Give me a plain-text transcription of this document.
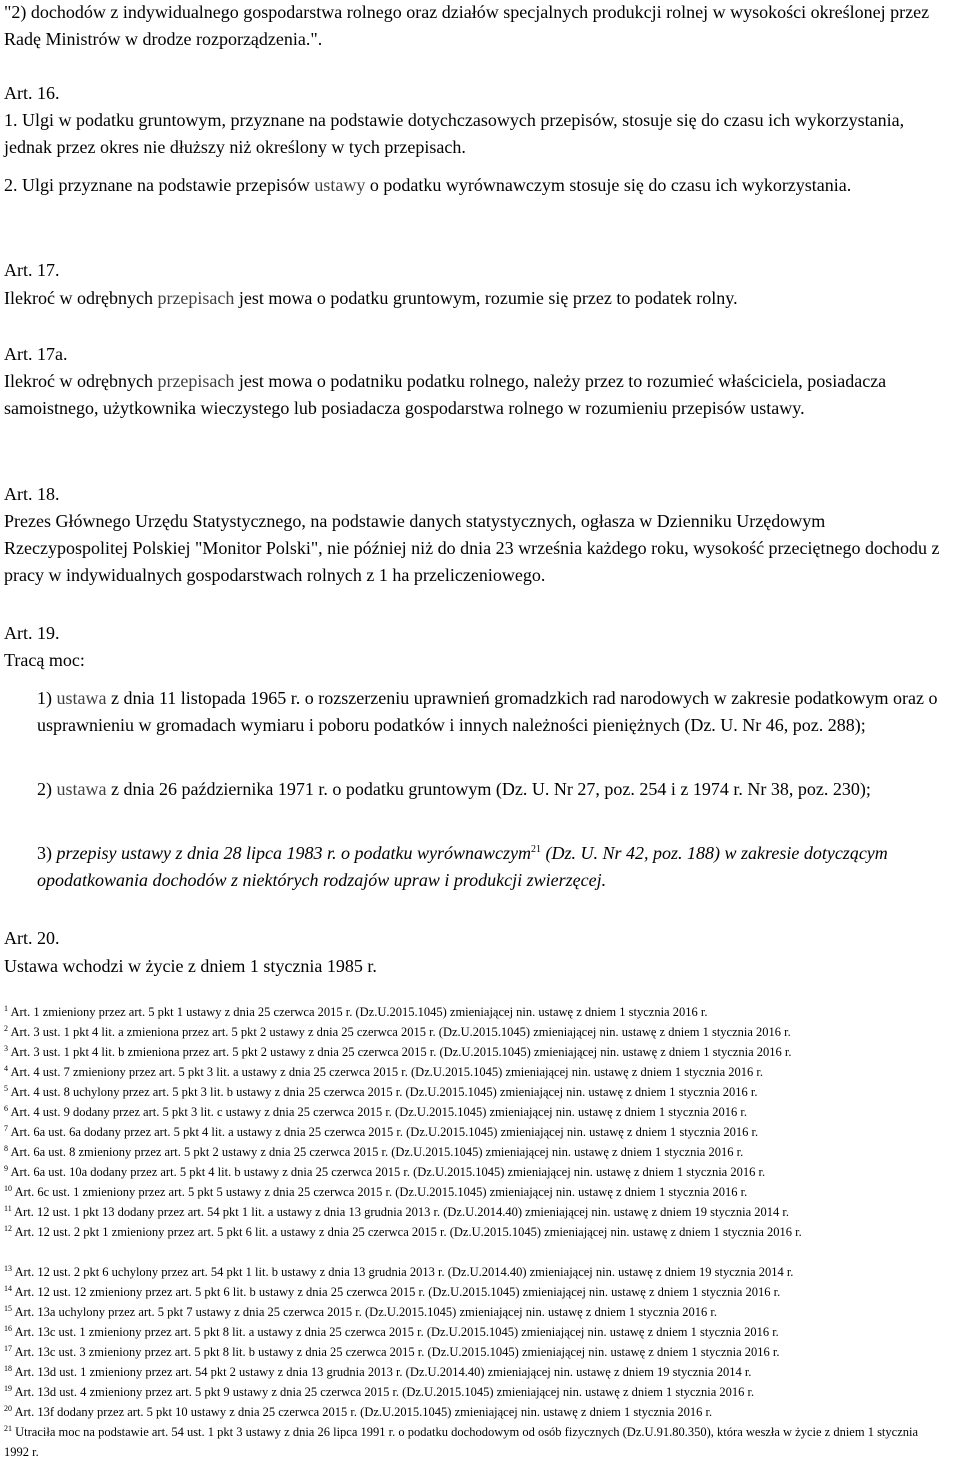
"2) dochodów z indywidualnego gospodarstwa rolnego oraz działów specjalnych produkcji rolnej w wysokości określonej przez Radę Ministrów w drodze rozporządzenia.".

Art. 16.

1. Ulgi w podatku gruntowym, przyznane na podstawie dotychczasowych przepisów, stosuje się do czasu ich wykorzystania, jednak przez okres nie dłuższy niż określony w tych przepisach.

2. Ulgi przyznane na podstawie przepisów ustawy o podatku wyrównawczym stosuje się do czasu ich wykorzystania.

Art. 17.

Ilekroć w odrębnych przepisach jest mowa o podatku gruntowym, rozumie się przez to podatek rolny.

Art. 17a.

Ilekroć w odrębnych przepisach jest mowa o podatniku podatku rolnego, należy przez to rozumieć właściciela, posiadacza samoistnego, użytkownika wieczystego lub posiadacza gospodarstwa rolnego w rozumieniu przepisów ustawy.

Art. 18.

Prezes Głównego Urzędu Statystycznego, na podstawie danych statystycznych, ogłasza w Dzienniku Urzędowym Rzeczypospolitej Polskiej "Monitor Polski", nie później niż do dnia 23 września każdego roku, wysokość przeciętnego dochodu z pracy w indywidualnych gospodarstwach rolnych z 1 ha przeliczeniowego.

Art. 19.

Tracą moc:

1) ustawa z dnia 11 listopada 1965 r. o rozszerzeniu uprawnień gromadzkich rad narodowych w zakresie podatkowym oraz o usprawnieniu w gromadach wymiaru i poboru podatków i innych należności pieniężnych (Dz. U. Nr 46, poz. 288);

2) ustawa z dnia 26 października 1971 r. o podatku gruntowym (Dz. U. Nr 27, poz. 254 i z 1974 r. Nr 38, poz. 230);

3) przepisy ustawy z dnia 28 lipca 1983 r. o podatku wyrównawczym$^{21}$ (Dz. U. Nr 42, poz. 188) w zakresie dotyczącym opodatkowania dochodów z niektórych rodzajów upraw i produkcji zwierzęcej.

Art. 20.

Ustawa wchodzi w życie z dniem 1 stycznia 1985 r.

$^1$ Art. 1 zmieniony przez art. 5 pkt 1 ustawy z dnia 25 czerwca 2015 r. (Dz.U.2015.1045) zmieniającej nin. ustawę z dniem 1 stycznia 2016 r.

$^2$ Art. 3 ust. 1 pkt 4 lit. a zmieniona przez art. 5 pkt 2 ustawy z dnia 25 czerwca 2015 r. (Dz.U.2015.1045) zmieniającej nin. ustawę z dniem 1 stycznia 2016 r.

$^3$ Art. 3 ust. 1 pkt 4 lit. b zmieniona przez art. 5 pkt 2 ustawy z dnia 25 czerwca 2015 r. (Dz.U.2015.1045) zmieniającej nin. ustawę z dniem 1 stycznia 2016 r.

$^4$ Art. 4 ust. 7 zmieniony przez art. 5 pkt 3 lit. a ustawy z dnia 25 czerwca 2015 r. (Dz.U.2015.1045) zmieniającej nin. ustawę z dniem 1 stycznia 2016 r.

$^5$ Art. 4 ust. 8 uchylony przez art. 5 pkt 3 lit. b ustawy z dnia 25 czerwca 2015 r. (Dz.U.2015.1045) zmieniającej nin. ustawę z dniem 1 stycznia 2016 r.

$^6$ Art. 4 ust. 9 dodany przez art. 5 pkt 3 lit. c ustawy z dnia 25 czerwca 2015 r. (Dz.U.2015.1045) zmieniającej nin. ustawę z dniem 1 stycznia 2016 r.

$^7$ Art. 6a ust. 6a dodany przez art. 5 pkt 4 lit. a ustawy z dnia 25 czerwca 2015 r. (Dz.U.2015.1045) zmieniającej nin. ustawę z dniem 1 stycznia 2016 r.

$^8$ Art. 6a ust. 8 zmieniony przez art. 5 pkt 2 ustawy z dnia 25 czerwca 2015 r. (Dz.U.2015.1045) zmieniającej nin. ustawę z dniem 1 stycznia 2016 r.

$^9$ Art. 6a ust. 10a dodany przez art. 5 pkt 4 lit. b ustawy z dnia 25 czerwca 2015 r. (Dz.U.2015.1045) zmieniającej nin. ustawę z dniem 1 stycznia 2016 r.

$^{10}$ Art. 6c ust. 1 zmieniony przez art. 5 pkt 5 ustawy z dnia 25 czerwca 2015 r. (Dz.U.2015.1045) zmieniającej nin. ustawę z dniem 1 stycznia 2016 r.

$^{11}$ Art. 12 ust. 1 pkt 13 dodany przez art. 54 pkt 1 lit. a ustawy z dnia 13 grudnia 2013 r. (Dz.U.2014.40) zmieniającej nin. ustawę z dniem 19 stycznia 2014 r.

$^{12}$ Art. 12 ust. 2 pkt 1 zmieniony przez art. 5 pkt 6 lit. a ustawy z dnia 25 czerwca 2015 r. (Dz.U.2015.1045) zmieniającej nin. ustawę z dniem 1 stycznia 2016 r.

$^{13}$ Art. 12 ust. 2 pkt 6 uchylony przez art. 54 pkt 1 lit. b ustawy z dnia 13 grudnia 2013 r. (Dz.U.2014.40) zmieniającej nin. ustawę z dniem 19 stycznia 2014 r.

$^{14}$ Art. 12 ust. 12 zmieniony przez art. 5 pkt 6 lit. b ustawy z dnia 25 czerwca 2015 r. (Dz.U.2015.1045) zmieniającej nin. ustawę z dniem 1 stycznia 2016 r.

$^{15}$ Art. 13a uchylony przez art. 5 pkt 7 ustawy z dnia 25 czerwca 2015 r. (Dz.U.2015.1045) zmieniającej nin. ustawę z dniem 1 stycznia 2016 r.

$^{16}$ Art. 13c ust. 1 zmieniony przez art. 5 pkt 8 lit. a ustawy z dnia 25 czerwca 2015 r. (Dz.U.2015.1045) zmieniającej nin. ustawę z dniem 1 stycznia 2016 r.

$^{17}$ Art. 13c ust. 3 zmieniony przez art. 5 pkt 8 lit. b ustawy z dnia 25 czerwca 2015 r. (Dz.U.2015.1045) zmieniającej nin. ustawę z dniem 1 stycznia 2016 r.

$^{18}$ Art. 13d ust. 1 zmieniony przez art. 54 pkt 2 ustawy z dnia 13 grudnia 2013 r. (Dz.U.2014.40) zmieniającej nin. ustawę z dniem 19 stycznia 2014 r.

$^{19}$ Art. 13d ust. 4 zmieniony przez art. 5 pkt 9 ustawy z dnia 25 czerwca 2015 r. (Dz.U.2015.1045) zmieniającej nin. ustawę z dniem 1 stycznia 2016 r.

$^{20}$ Art. 13f dodany przez art. 5 pkt 10 ustawy z dnia 25 czerwca 2015 r. (Dz.U.2015.1045) zmieniającej nin. ustawę z dniem 1 stycznia 2016 r.

$^{21}$ Utraciła moc na podstawie art. 54 ust. 1 pkt 3 ustawy z dnia 26 lipca 1991 r. o podatku dochodowym od osób fizycznych (Dz.U.91.80.350), która weszła w życie z dniem 1 stycznia 1992 r.
